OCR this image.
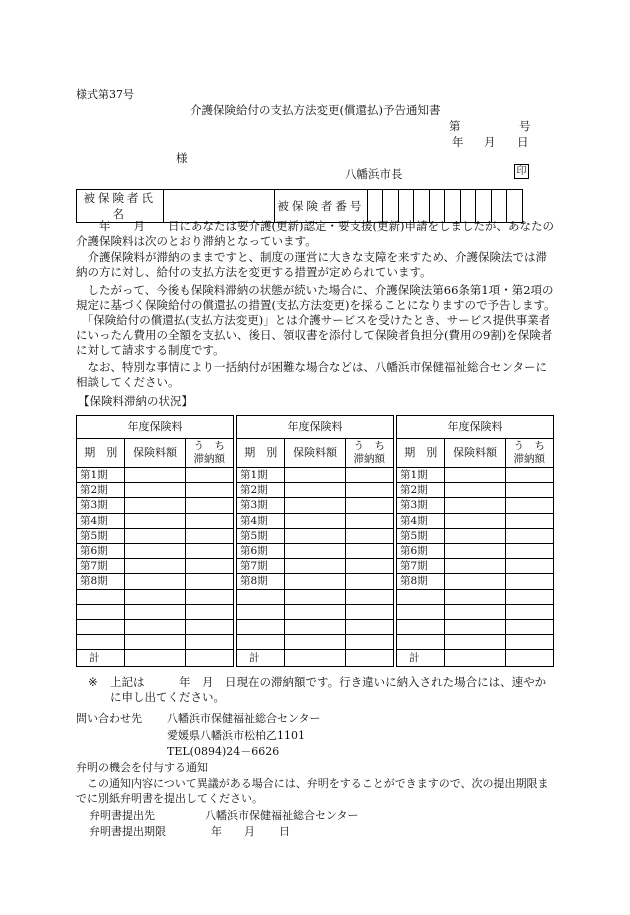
様式第37号
介護保険給付の支払方法変更(償還払)予告通知書
第	号
年 月 日
様
八幡浜市長	印
被保険者氏名		被保険者番号										
　　年　　月　　日にあなたは要介護(更新)認定・要支援(更新)申請をしましたが、あなたの介護保険料は次のとおり滞納となっています。
　介護保険料が滞納のままですと、制度の運営に大きな支障を来すため、介護保険法では滞納の方に対し、給付の支払方法を変更する措置が定められています。
　したがって、今後も保険料滞納の状態が続いた場合に、介護保険法第66条第1項・第2項の規定に基づく保険給付の償還払の措置(支払方法変更)を採ることになりますので予告します。
　「保険給付の償還払(支払方法変更)」とは介護サービスを受けたとき、サービス提供事業者にいったん費用の全額を支払い、後日、領収書を添付して保険者負担分(費用の9割)を保険者に対して請求する制度です。
　なお、特別な事情により一括納付が困難な場合などは、八幡浜市保健福祉総合センターに相談してください。
【保険料滞納の状況】
年度保険料		
期　別	保険料額	う　ち
滞納額

第1期		
第2期		
第3期		
第4期		
第5期		
第6期		
第7期		
第8期		

計		
年度保険料		
期　別	保険料額	う　ち
滞納額

第1期		
第2期		
第3期		
第4期		
第5期		
第6期		
第7期		
第8期		

計		
年度保険料		
期　別	保険料額	う　ち
滞納額

第1期		
第2期		
第3期		
第4期		
第5期		
第6期		
第7期		
第8期		

計		
※ 上記は　　　年　月　日現在の滞納額です。行き違いに納入された場合には、速やかに申し出てください。
問い合わせ先 八幡浜市保健福祉総合センター
愛媛県八幡浜市松柏乙1101
TEL(0894)24－6626
弁明の機会を付与する通知
　この通知内容について異議がある場合には、弁明をすることができますので、次の提出期限までに別紙弁明書を提出してください。
弁明書提出先	八幡浜市保健福祉総合センター
弁明書提出期限	年 月 日
